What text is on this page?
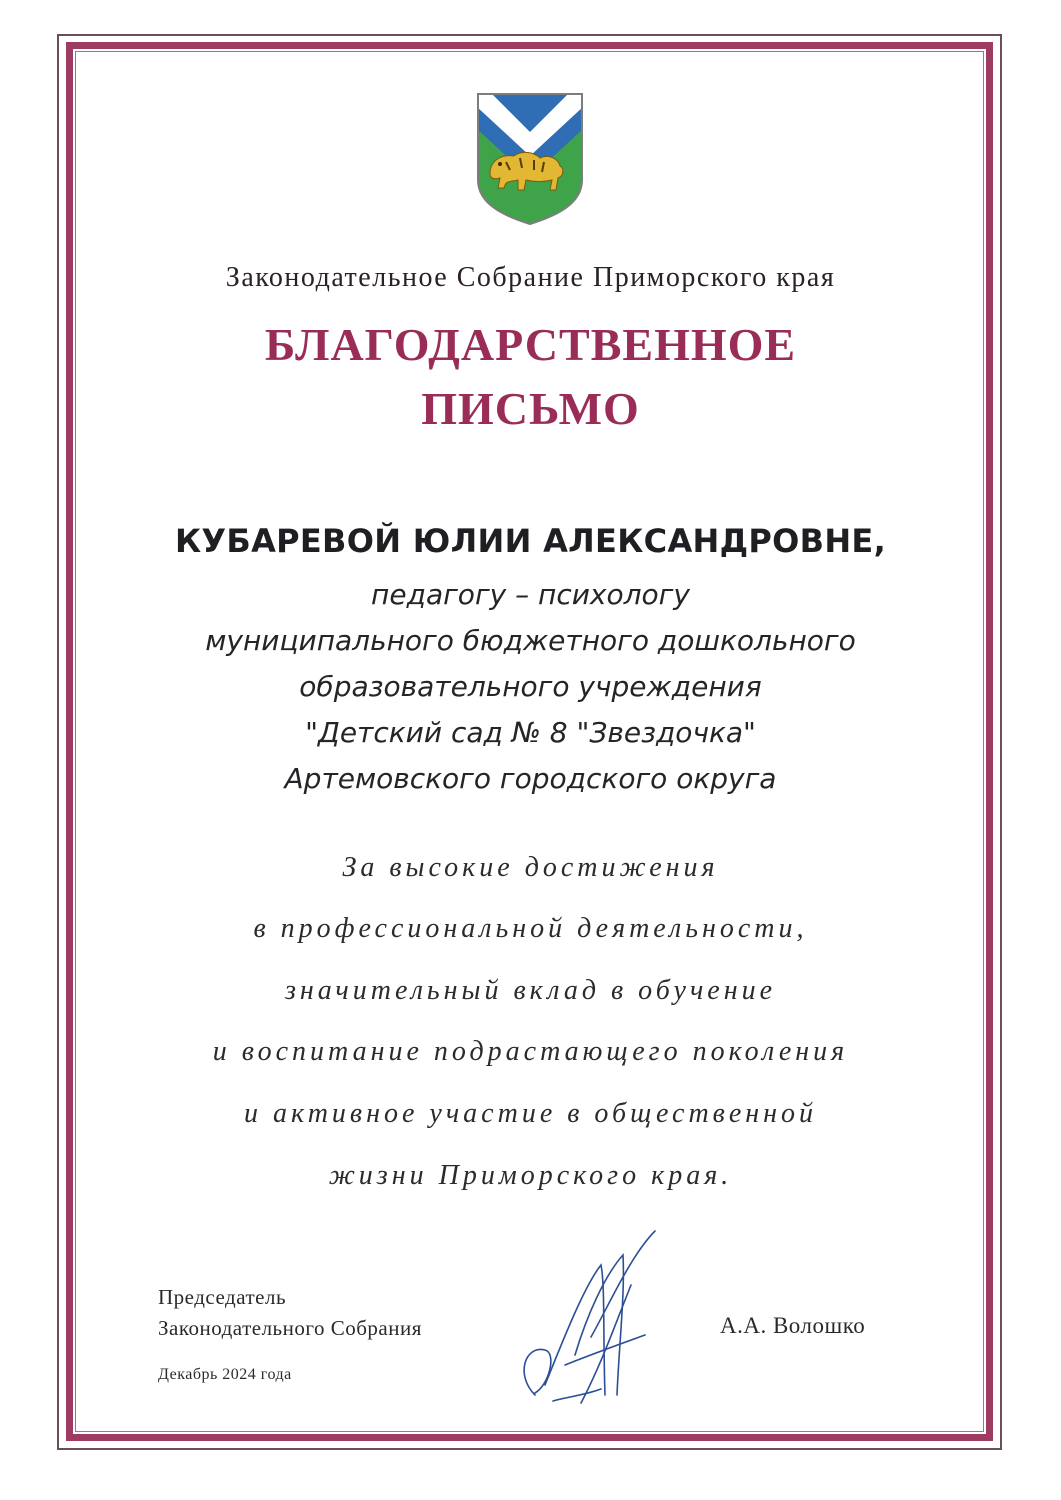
Законодательное Собрание Приморского края

БЛАГОДАРСТВЕННОЕ

ПИСЬМО

КУБАРЕВОЙ ЮЛИИ АЛЕКСАНДРОВНЕ,

педагогу – психологу

муниципального бюджетного дошкольного

образовательного учреждения

"Детский сад № 8 "Звездочка"

Артемовского городского округа

За высокие достижения

в профессиональной деятельности,

значительный вклад в обучение

и воспитание подрастающего поколения

и активное участие в общественной

жизни Приморского края.

Председатель
Законодательного Собрания	А.А. Волошко
Декабрь 2024 года
